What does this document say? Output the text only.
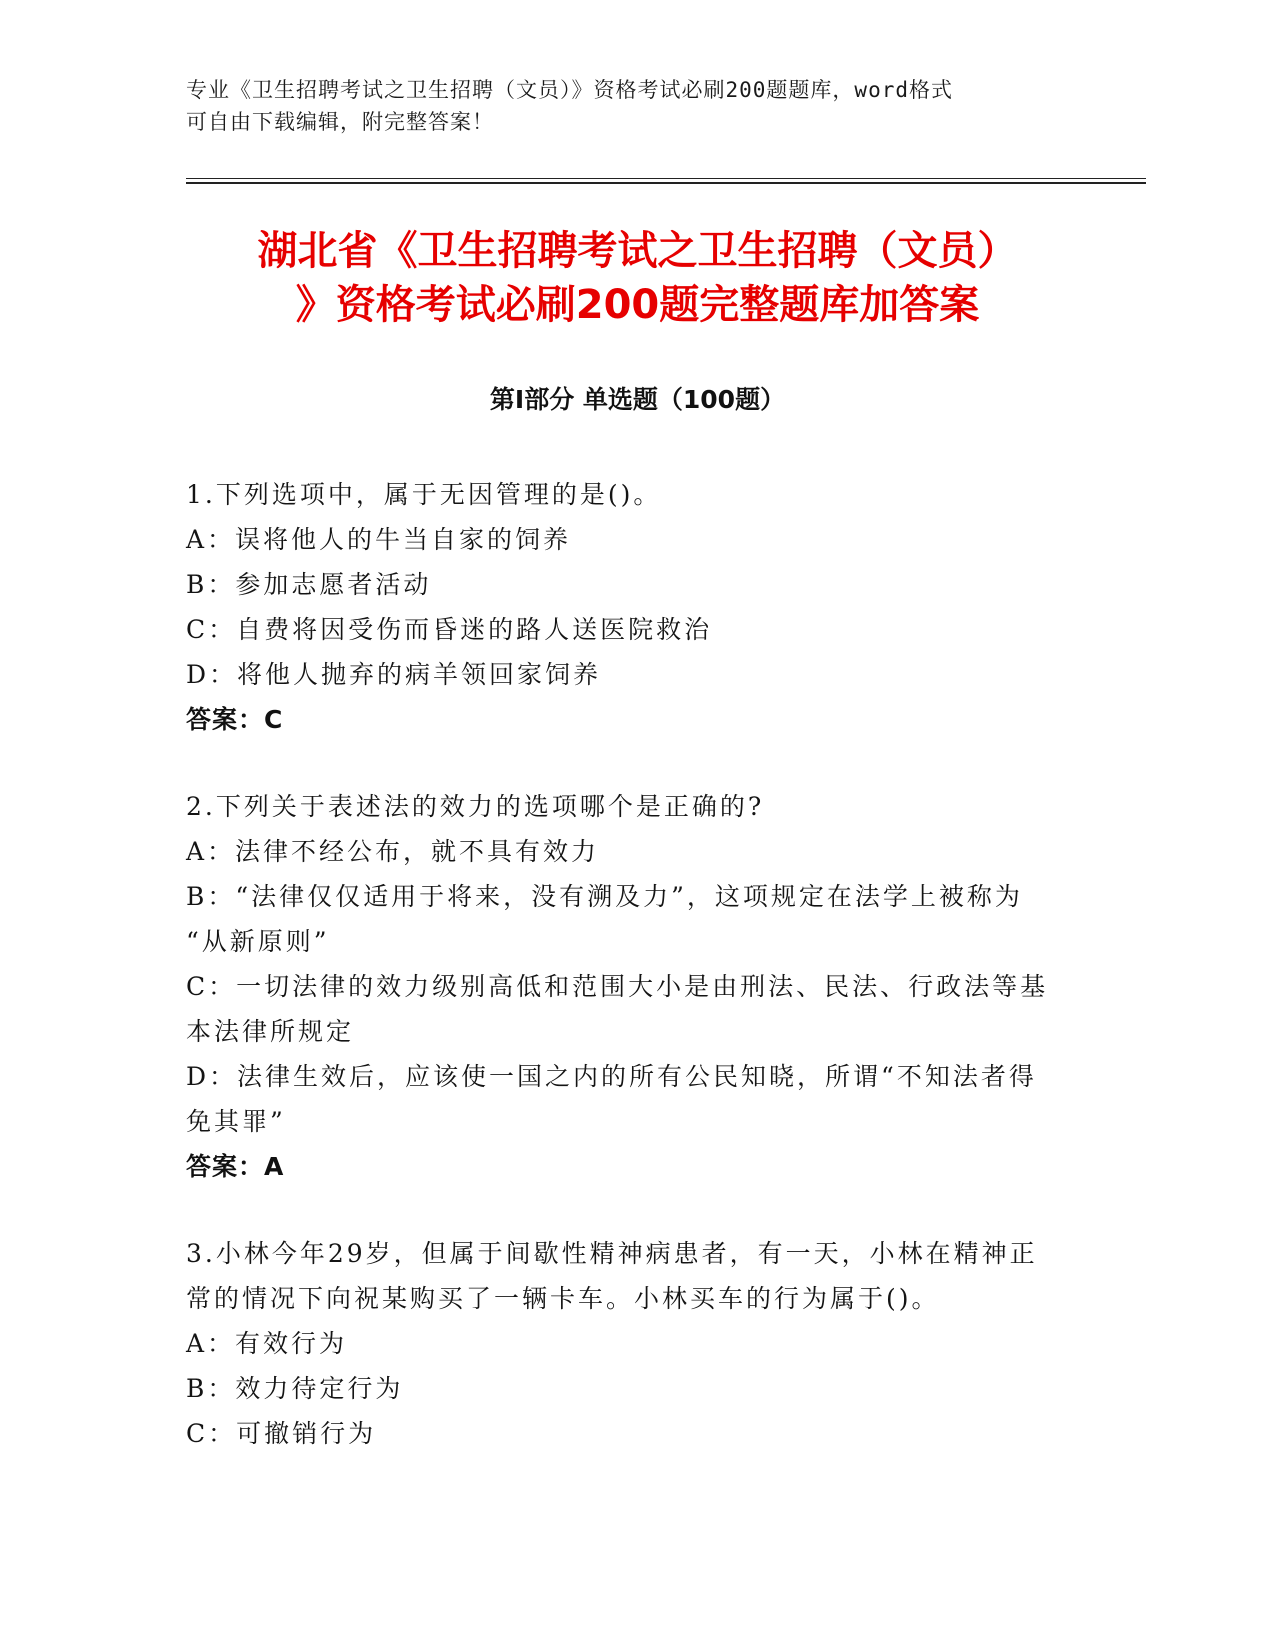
专业《卫生招聘考试之卫生招聘（文员）》资格考试必刷200题题库，word格式
可自由下载编辑，附完整答案！
湖北省《卫生招聘考试之卫生招聘（文员）
》资格考试必刷200题完整题库加答案
第Ⅰ部分 单选题（100题）
1.下列选项中，属于无因管理的是()。
A：误将他人的牛当自家的饲养
B：参加志愿者活动
C：自费将因受伤而昏迷的路人送医院救治
D：将他人抛弃的病羊领回家饲养
答案：C
2.下列关于表述法的效力的选项哪个是正确的?
A：法律不经公布，就不具有效力
B：“法律仅仅适用于将来，没有溯及力”，这项规定在法学上被称为
“从新原则”
C：一切法律的效力级别高低和范围大小是由刑法、民法、行政法等基
本法律所规定
D：法律生效后，应该使一国之内的所有公民知晓，所谓“不知法者得
免其罪”
答案：A
3.小林今年29岁，但属于间歇性精神病患者，有一天，小林在精神正
常的情况下向祝某购买了一辆卡车。小林买车的行为属于()。
A：有效行为
B：效力待定行为
C：可撤销行为
